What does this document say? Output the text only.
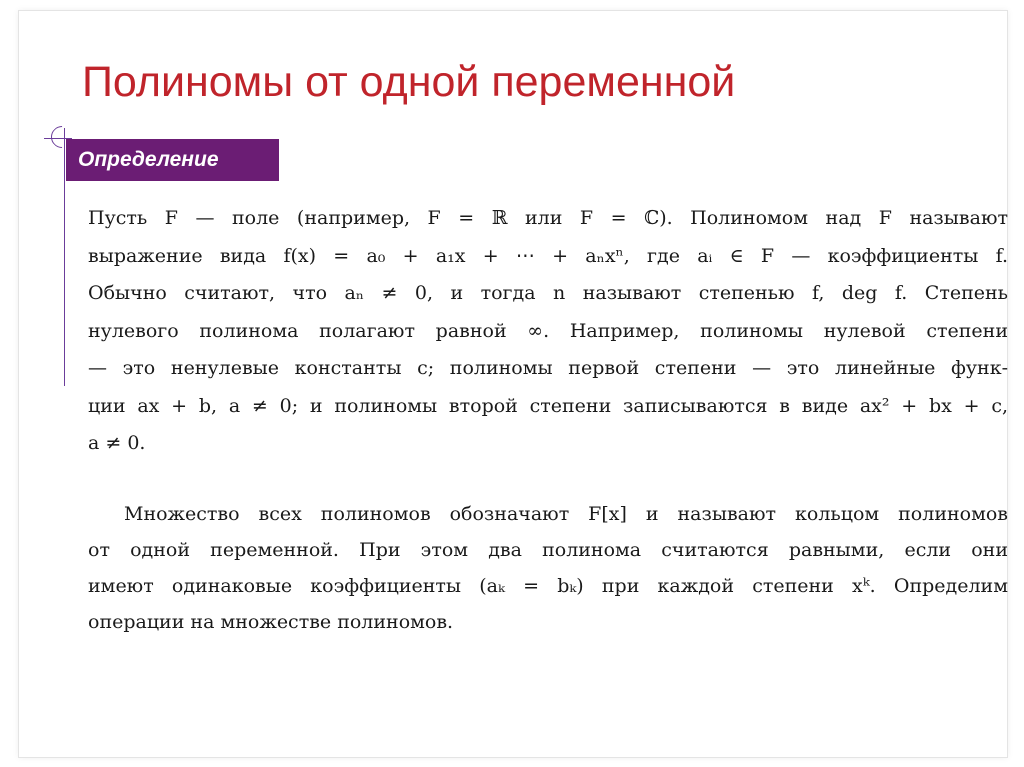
Полиномы от одной переменной
Определение
Пусть F — поле (например, F = ℝ или F = ℂ). Полиномом над F называют
выражение вида f(x) = a₀ + a₁x + ⋯ + aₙxⁿ, где aᵢ ∈ F — коэффициенты f.
Обычно считают, что aₙ ≠ 0, и тогда n называют степенью f, deg f. Степень
нулевого полинома полагают равной ∞. Например, полиномы нулевой степени
— это ненулевые константы c; полиномы первой степени — это линейные функ-
ции ax + b, a ≠ 0; и полиномы второй степени записываются в виде ax² + bx + c,
a ≠ 0.
Множество всех полиномов обозначают F[x] и называют кольцом полиномов
от одной переменной. При этом два полинома считаются равными, если они
имеют одинаковые коэффициенты (aₖ = bₖ) при каждой степени xᵏ. Определим
операции на множестве полиномов.
